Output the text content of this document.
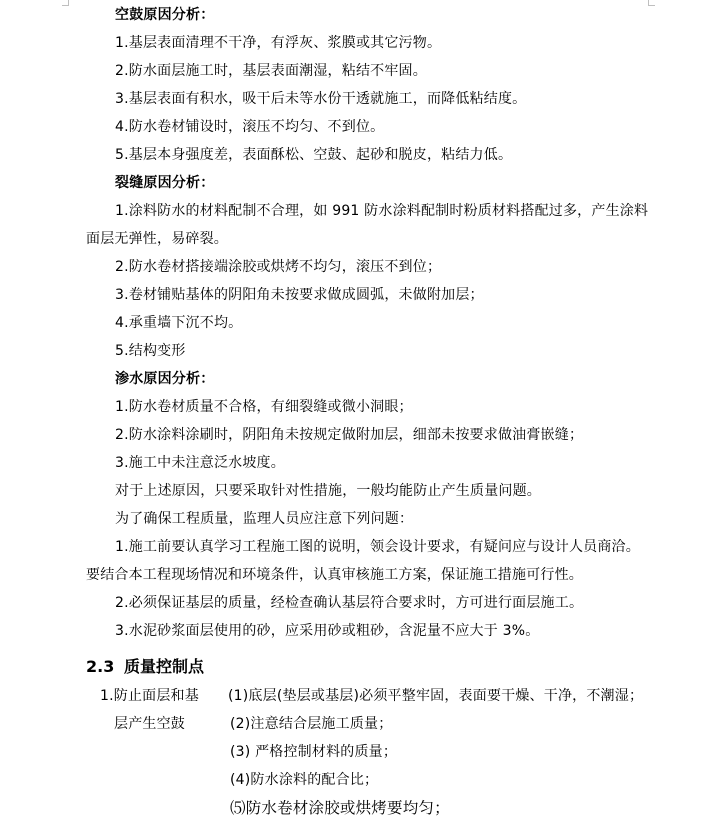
空鼓原因分析：
1.基层表面清理不干净，有浮灰、浆膜或其它污物。
2.防水面层施工时，基层表面潮湿，粘结不牢固。
3.基层表面有积水，吸干后未等水份干透就施工，而降低粘结度。
4.防水卷材铺设时，滚压不均匀、不到位。
5.基层本身强度差，表面酥松、空鼓、起砂和脱皮，粘结力低。
裂缝原因分析：
1.涂料防水的材料配制不合理，如 991 防水涂料配制时粉质材料搭配过多，产生涂料
面层无弹性，易碎裂。
2.防水卷材搭接端涂胶或烘烤不均匀，滚压不到位；
3.卷材铺贴基体的阴阳角未按要求做成圆弧，未做附加层；
4.承重墙下沉不均。
5.结构变形
渗水原因分析：
1.防水卷材质量不合格，有细裂缝或微小洞眼；
2.防水涂料涂刷时，阴阳角未按规定做附加层，细部未按要求做油膏嵌缝；
3.施工中未注意泛水坡度。
对于上述原因，只要采取针对性措施，一般均能防止产生质量问题。
为了确保工程质量，监理人员应注意下列问题：
1.施工前要认真学习工程施工图的说明，领会设计要求，有疑问应与设计人员商洽。
要结合本工程现场情况和环境条件，认真审核施工方案，保证施工措施可行性。
2.必须保证基层的质量，经检查确认基层符合要求时，方可进行面层施工。
3.水泥砂浆面层使用的砂，应采用砂或粗砂，含泥量不应大于 3%。
2.3 质量控制点
1.防止面层和基
层产生空鼓
(1)底层(垫层或基层)必须平整牢固，表面要干燥、干净，不潮湿；
(2)注意结合层施工质量；
(3) 严格控制材料的质量；
(4)防水涂料的配合比；
⑸防水卷材涂胶或烘烤要均匀；
